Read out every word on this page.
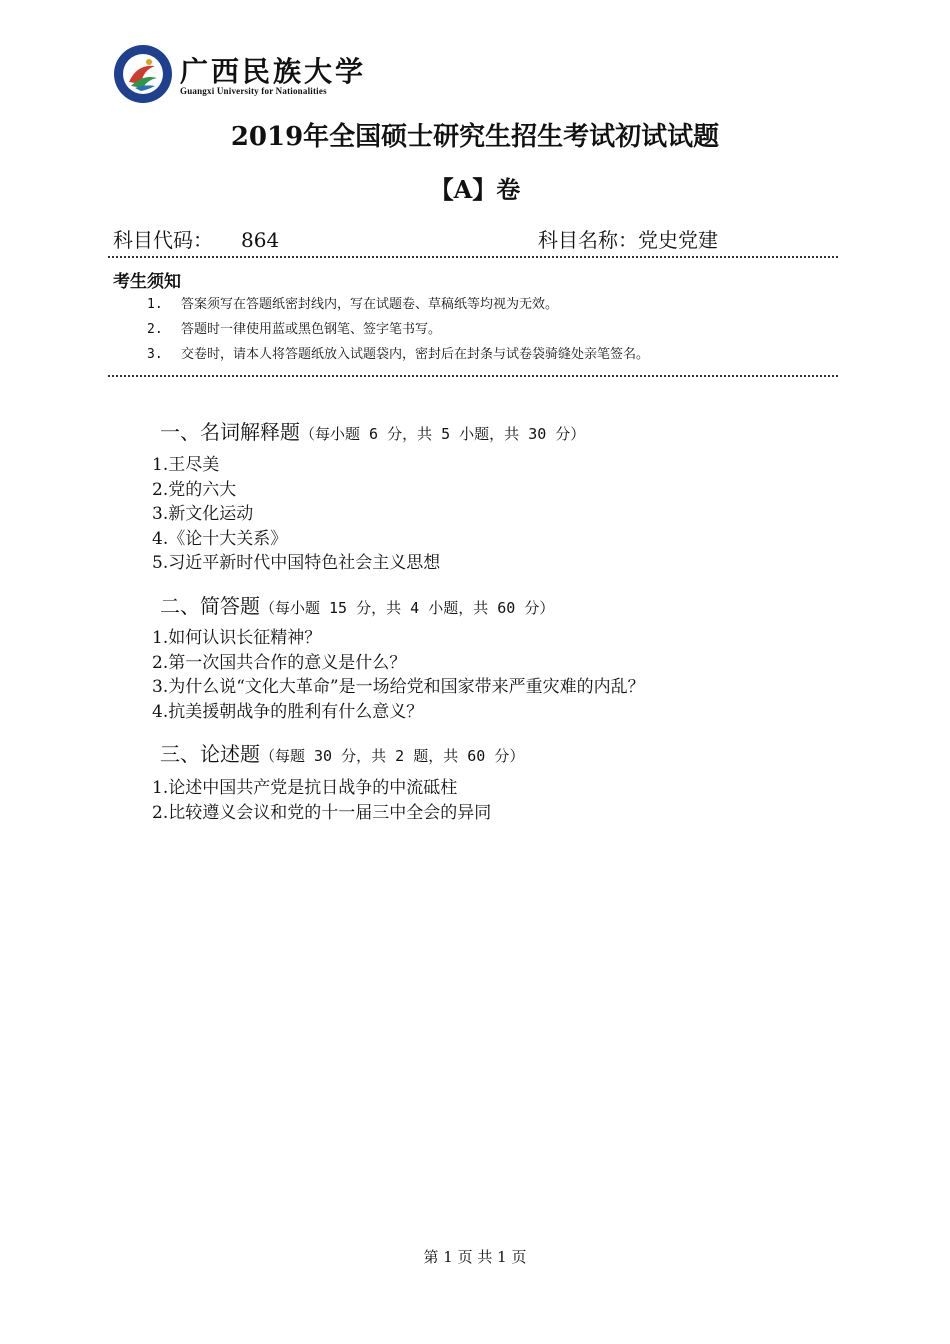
广西民族大学
Guangxi University for Nationalities
2019年全国硕士研究生招生考试初试试题
【A】卷
科目代码： 864	科目名称：党史党建
考生须知
1. 答案须写在答题纸密封线内，写在试题卷、草稿纸等均视为无效。
2. 答题时一律使用蓝或黑色钢笔、签字笔书写。
3. 交卷时，请本人将答题纸放入试题袋内，密封后在封条与试卷袋骑缝处亲笔签名。
一、名词解释题（每小题 6 分，共 5 小题，共 30 分）
1.王尽美
2.党的六大
3.新文化运动
4.《论十大关系》
5.习近平新时代中国特色社会主义思想
二、简答题（每小题 15 分，共 4 小题，共 60 分）
1.如何认识长征精神？
2.第一次国共合作的意义是什么？
3.为什么说“文化大革命”是一场给党和国家带来严重灾难的内乱？
4.抗美援朝战争的胜利有什么意义？
三、论述题（每题 30 分，共 2 题，共 60 分）
1.论述中国共产党是抗日战争的中流砥柱
2.比较遵义会议和党的十一届三中全会的异同
第 1 页 共 1 页
